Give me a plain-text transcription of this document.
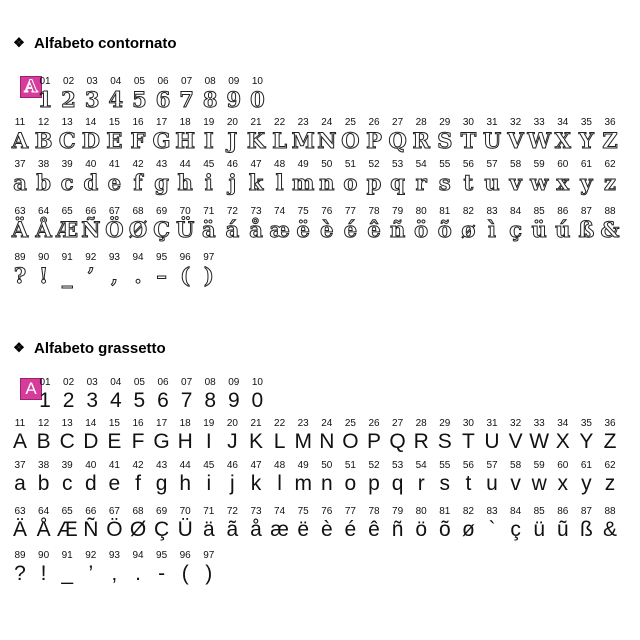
❖ Alfabeto contornato
A 01
1
02
2
03
3
04
4
05
5
06
6
07
7
08
8
09
9
10
0
11
A
12
B
13
C
14
D
15
E
16
F
17
G
18
H
19
I
20
J
21
K
22
L
23
M
24
N
25
O
26
P
27
Q
28
R
29
S
30
T
31
U
32
V
33
W
34
X
35
Y
36
Z
37
a
38
b
39
c
40
d
41
e
42
f
43
g
44
h
45
i
46
j
47
k
48
l
49
m
50
n
51
o
52
p
53
q
54
r
55
s
56
t
57
u
58
v
59
w
60
x
61
y
62
z
63
Ä
64
Å
65
Æ
66
Ñ
67
Ö
68
Ø
69
Ç
70
Ü
71
ä
72
á
73
å
74
æ
75
ë
76
è
77
é
78
ê
79
ñ
80
ö
81
õ
82
ø
83
ì
84
ç
85
ü
86
ú
87
ß
88
&
89
?
90
!
91
_
92
’
93
‚
94
.
95
–
96
(
97
)
❖ Alfabeto grassetto
A 01
1
02
2
03
3
04
4
05
5
06
6
07
7
08
8
09
9
10
0
11
A
12
B
13
C
14
D
15
E
16
F
17
G
18
H
19
I
20
J
21
K
22
L
23
M
24
N
25
O
26
P
27
Q
28
R
29
S
30
T
31
U
32
V
33
W
34
X
35
Y
36
Z
37
a
38
b
39
c
40
d
41
e
42
f
43
g
44
h
45
i
46
j
47
k
48
l
49
m
50
n
51
o
52
p
53
q
54
r
55
s
56
t
57
u
58
v
59
w
60
x
61
y
62
z
63
Ä
64
Å
65
Æ
66
Ñ
67
Ö
68
Ø
69
Ç
70
Ü
71
ä
72
ã
73
å
74
æ
75
ë
76
è
77
é
78
ê
79
ñ
80
ö
81
õ
82
ø
83
`
84
ç
85
ü
86
ũ
87
ß
88
&
89
?
90
!
91
_
92
’
93
‚
94
.
95
-
96
(
97
)
